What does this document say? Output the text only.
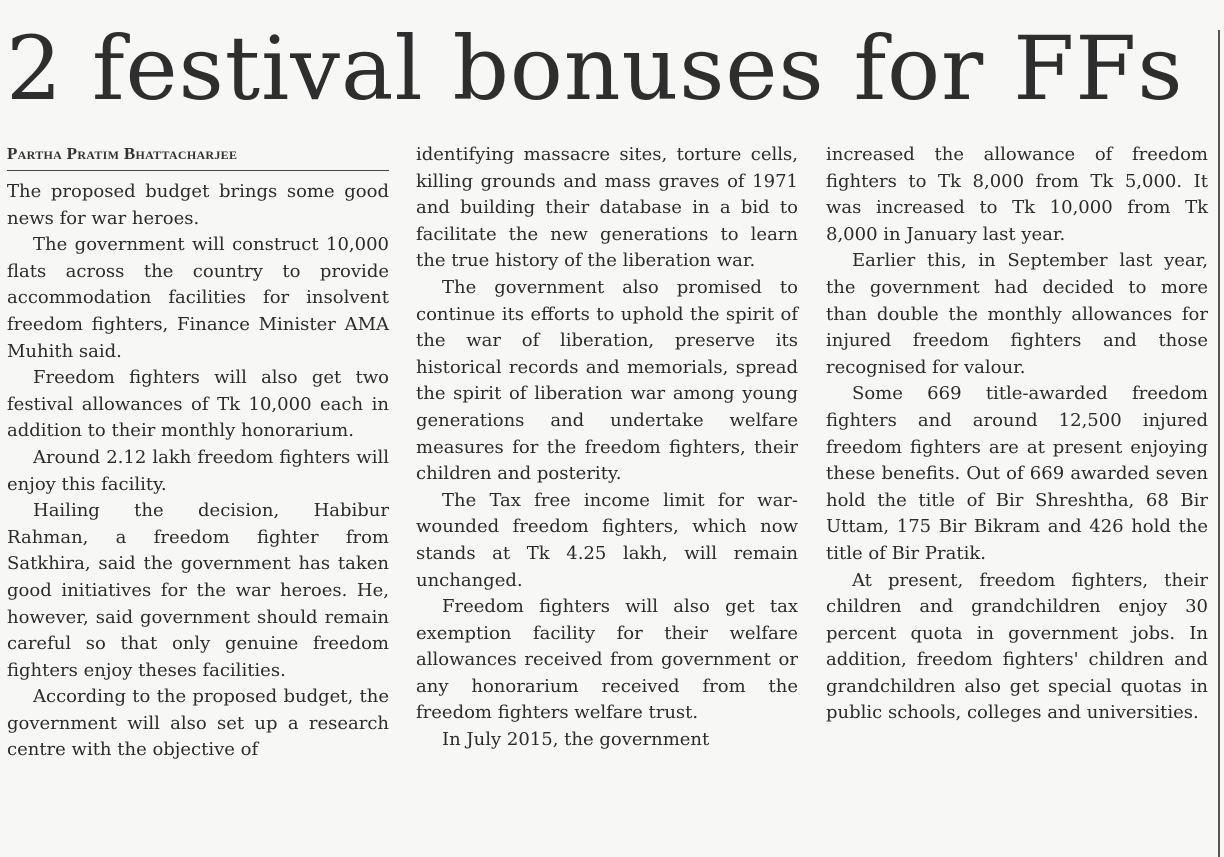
2 festival bonuses for FFs
Partha Pratim Bhattacharjee

The proposed budget brings some good news for war heroes.

The government will construct 10,000 flats across the country to provide accommodation facilities for insolvent freedom fighters, Finance Minister AMA Muhith said.

Freedom fighters will also get two festival allowances of Tk 10,000 each in addition to their monthly honorarium.

Around 2.12 lakh freedom fighters will enjoy this facility.

Hailing the decision, Habibur Rahman, a freedom fighter from Satkhira, said the government has taken good initiatives for the war heroes. He, however, said government should remain careful so that only genuine freedom fighters enjoy theses facilities.

According to the proposed budget, the government will also set up a research centre with the objective of

identifying massacre sites, torture cells, killing grounds and mass graves of 1971 and building their database in a bid to facilitate the new generations to learn the true history of the liberation war.

The government also promised to continue its efforts to uphold the spirit of the war of liberation, preserve its historical records and memorials, spread the spirit of liberation war among young generations and undertake welfare measures for the freedom fighters, their children and posterity.

The Tax free income limit for war-wounded freedom fighters, which now stands at Tk 4.25 lakh, will remain unchanged.

Freedom fighters will also get tax exemption facility for their welfare allowances received from government or any honorarium received from the freedom fighters welfare trust.

In July 2015, the government

increased the allowance of freedom fighters to Tk 8,000 from Tk 5,000. It was increased to Tk 10,000 from Tk 8,000 in January last year.

Earlier this, in September last year, the government had decided to more than double the monthly allowances for injured freedom fighters and those recognised for valour.

Some 669 title-awarded freedom fighters and around 12,500 injured freedom fighters are at present enjoying these benefits. Out of 669 awarded seven hold the title of Bir Shreshtha, 68 Bir Uttam, 175 Bir Bikram and 426 hold the title of Bir Pratik.

At present, freedom fighters, their children and grandchildren enjoy 30 percent quota in government jobs. In addition, freedom fighters' children and grandchildren also get special quotas in public schools, colleges and universities.
